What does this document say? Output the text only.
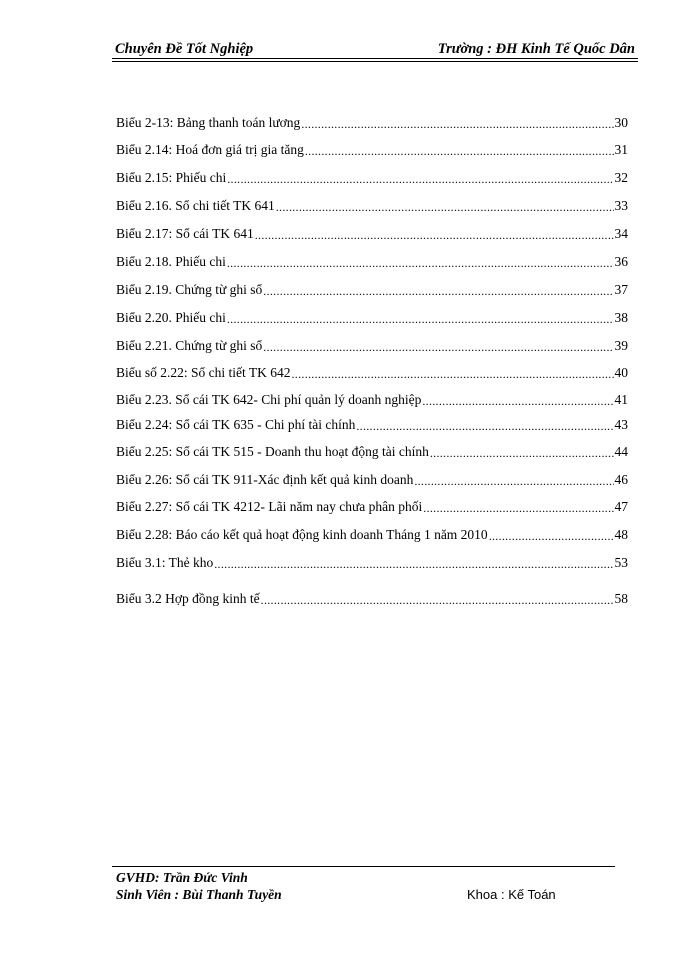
Chuyên Đề Tốt Nghiệp	Trường : ĐH Kinh Tế Quốc Dân
Biểu 2-13: Bảng thanh toán lương .....	30
Biểu 2.14: Hoá đơn giá trị gia tăng .....	31
Biểu 2.15: Phiếu chi .....	32
Biểu 2.16. Sổ chi tiết TK 641 .....	33
Biểu 2.17: Sổ cái TK 641 .....	34
Biểu 2.18. Phiếu chi .....	36
Biểu 2.19. Chứng từ ghi sổ .....	37
Biểu 2.20. Phiếu chi .....	38
Biểu 2.21. Chứng từ ghi sổ .....	39
Biểu số 2.22: Sổ chi tiết TK 642 .....	40
Biểu 2.23. Sổ cái TK 642- Chi phí quản lý doanh nghiệp .....	41
Biểu 2.24: Sổ cái TK 635 - Chi phí tài chính .....	43
Biểu 2.25: Sổ cái TK 515 - Doanh thu hoạt động tài chính .....	44
Biểu 2.26: Sổ cái TK 911-Xác định kết quả kinh doanh .....	46
Biểu 2.27: Sổ cái TK 4212- Lãi năm nay chưa phân phối .....	47
Biểu 2.28: Báo cáo kết quả hoạt động kinh doanh Tháng 1 năm 2010 .....	48
Biểu 3.1: Thẻ kho .....	53
Biểu 3.2 Hợp đồng kinh tế .....	58
GVHD: Trần Đức Vinh
Sinh Viên : Bùi Thanh Tuyền	Khoa : Kế Toán
